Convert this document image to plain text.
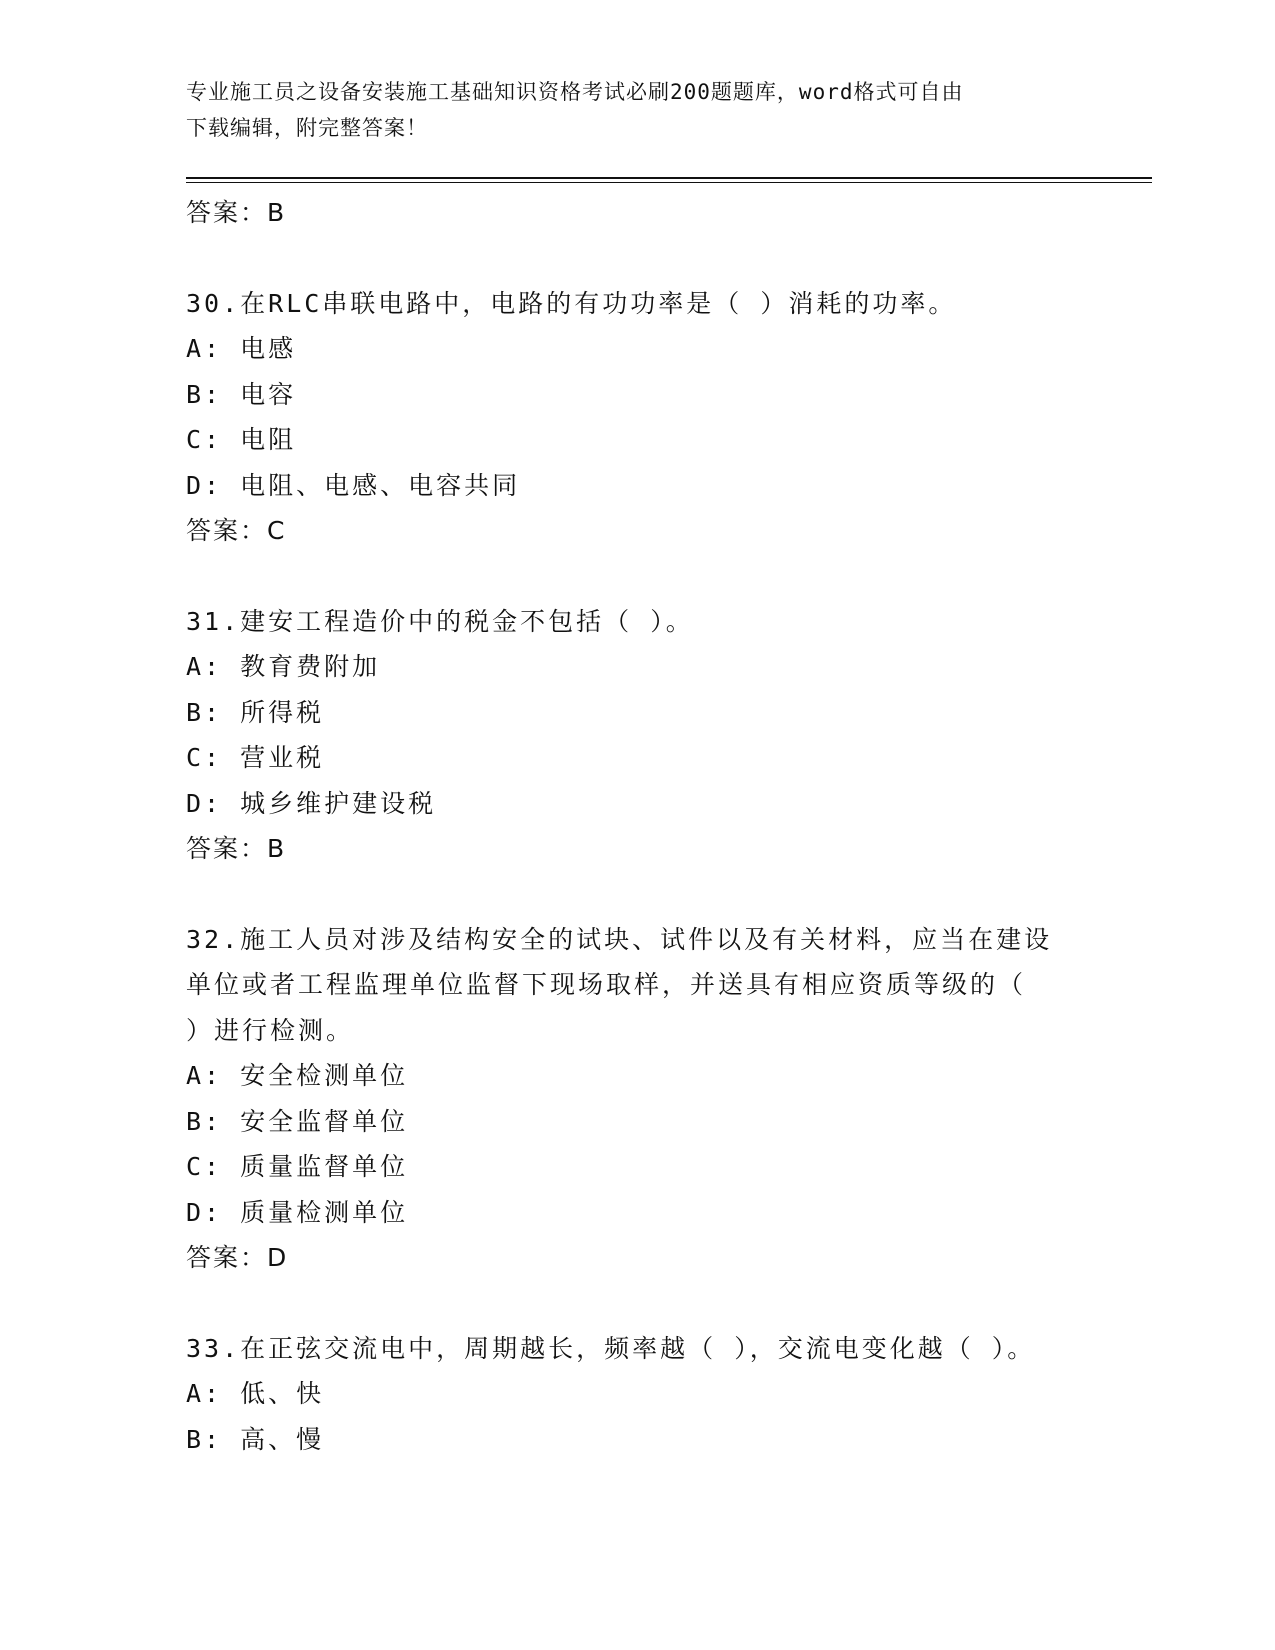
专业施工员之设备安装施工基础知识资格考试必刷200题题库，word格式可自由
下载编辑，附完整答案！
答案：B
30.在RLC串联电路中，电路的有功功率是（ ）消耗的功率。
A: 电感
B: 电容
C: 电阻
D: 电阻、电感、电容共同
答案：C
31.建安工程造价中的税金不包括（ ）。
A: 教育费附加
B: 所得税
C: 营业税
D: 城乡维护建设税
答案：B
32.施工人员对涉及结构安全的试块、试件以及有关材料，应当在建设
单位或者工程监理单位监督下现场取样，并送具有相应资质等级的（
）进行检测。
A: 安全检测单位
B: 安全监督单位
C: 质量监督单位
D: 质量检测单位
答案：D
33.在正弦交流电中，周期越长，频率越（ ），交流电变化越（ ）。
A: 低、快
B: 高、慢
